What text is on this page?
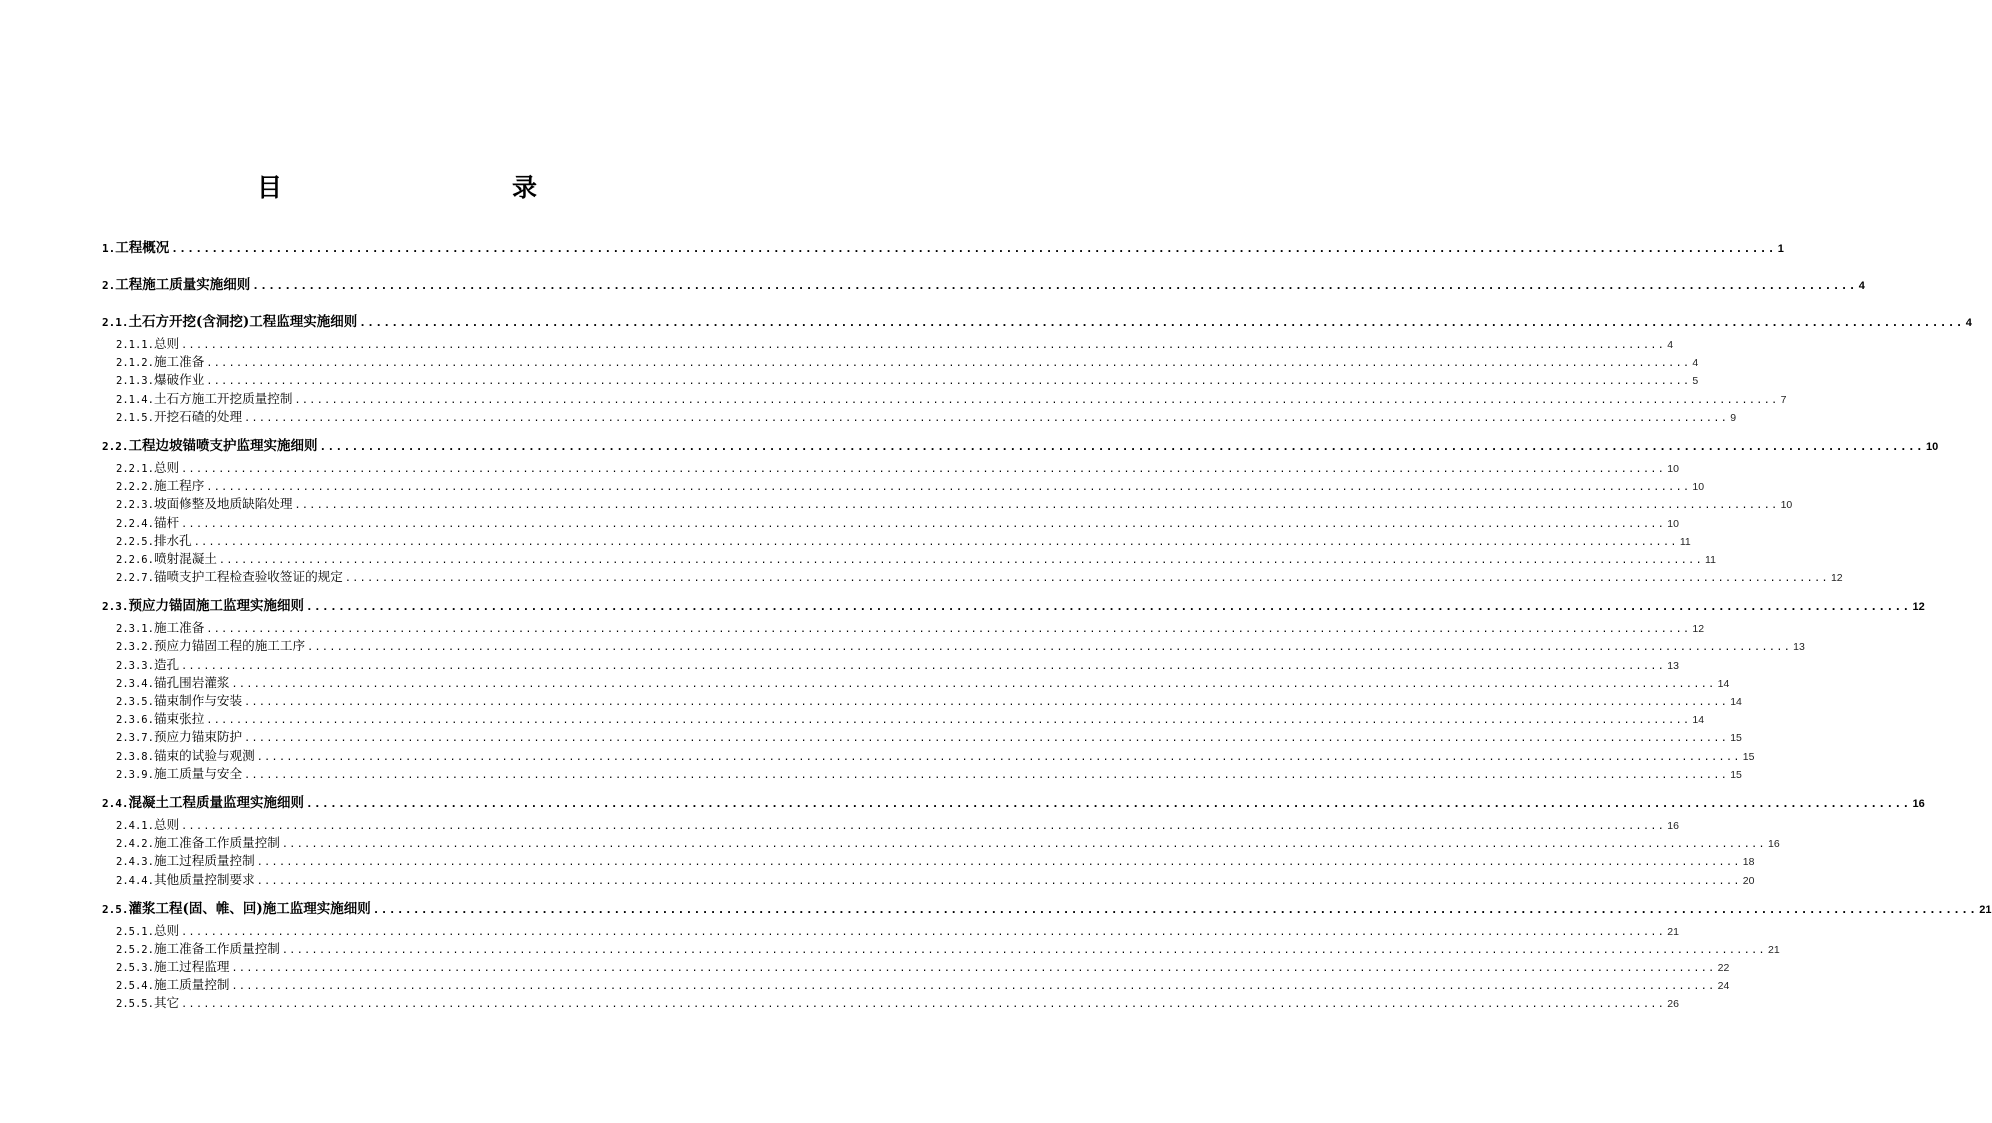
目　　录
1. 工程概况 ........................................................................................................................................................................................................ 1
2. 工程施工质量实施细则 ........................................................................................................................................................................................................ 4
2.1. 土石方开挖(含洞挖)工程监理实施细则 ........................................................................................................................................................................................................ 4
2.1.1. 总则 ........................................................................................................................................................................................................ 4
2.1.2. 施工准备 ........................................................................................................................................................................................................ 4
2.1.3. 爆破作业 ........................................................................................................................................................................................................ 5
2.1.4. 土石方施工开挖质量控制 ........................................................................................................................................................................................................ 7
2.1.5. 开挖石碴的处理 ........................................................................................................................................................................................................ 9
2.2. 工程边坡锚喷支护监理实施细则 ........................................................................................................................................................................................................ 10
2.2.1. 总则 ........................................................................................................................................................................................................ 10
2.2.2. 施工程序 ........................................................................................................................................................................................................ 10
2.2.3. 坡面修整及地质缺陷处理 ........................................................................................................................................................................................................ 10
2.2.4. 锚杆 ........................................................................................................................................................................................................ 10
2.2.5. 排水孔 ........................................................................................................................................................................................................ 11
2.2.6. 喷射混凝土 ........................................................................................................................................................................................................ 11
2.2.7. 锚喷支护工程检查验收签证的规定 ........................................................................................................................................................................................................ 12
2.3. 预应力锚固施工监理实施细则 ........................................................................................................................................................................................................ 12
2.3.1. 施工准备 ........................................................................................................................................................................................................ 12
2.3.2. 预应力锚固工程的施工工序 ........................................................................................................................................................................................................ 13
2.3.3. 造孔 ........................................................................................................................................................................................................ 13
2.3.4. 锚孔围岩灌浆 ........................................................................................................................................................................................................ 14
2.3.5. 锚束制作与安装 ........................................................................................................................................................................................................ 14
2.3.6. 锚束张拉 ........................................................................................................................................................................................................ 14
2.3.7. 预应力锚束防护 ........................................................................................................................................................................................................ 15
2.3.8. 锚束的试验与观测 ........................................................................................................................................................................................................ 15
2.3.9. 施工质量与安全 ........................................................................................................................................................................................................ 15
2.4. 混凝土工程质量监理实施细则 ........................................................................................................................................................................................................ 16
2.4.1. 总则 ........................................................................................................................................................................................................ 16
2.4.2. 施工准备工作质量控制 ........................................................................................................................................................................................................ 16
2.4.3. 施工过程质量控制 ........................................................................................................................................................................................................ 18
2.4.4. 其他质量控制要求 ........................................................................................................................................................................................................ 20
2.5. 灌浆工程(固、帷、回)施工监理实施细则 ........................................................................................................................................................................................................ 21
2.5.1. 总则 ........................................................................................................................................................................................................ 21
2.5.2. 施工准备工作质量控制 ........................................................................................................................................................................................................ 21
2.5.3. 施工过程监理 ........................................................................................................................................................................................................ 22
2.5.4. 施工质量控制 ........................................................................................................................................................................................................ 24
2.5.5. 其它 ........................................................................................................................................................................................................ 26
